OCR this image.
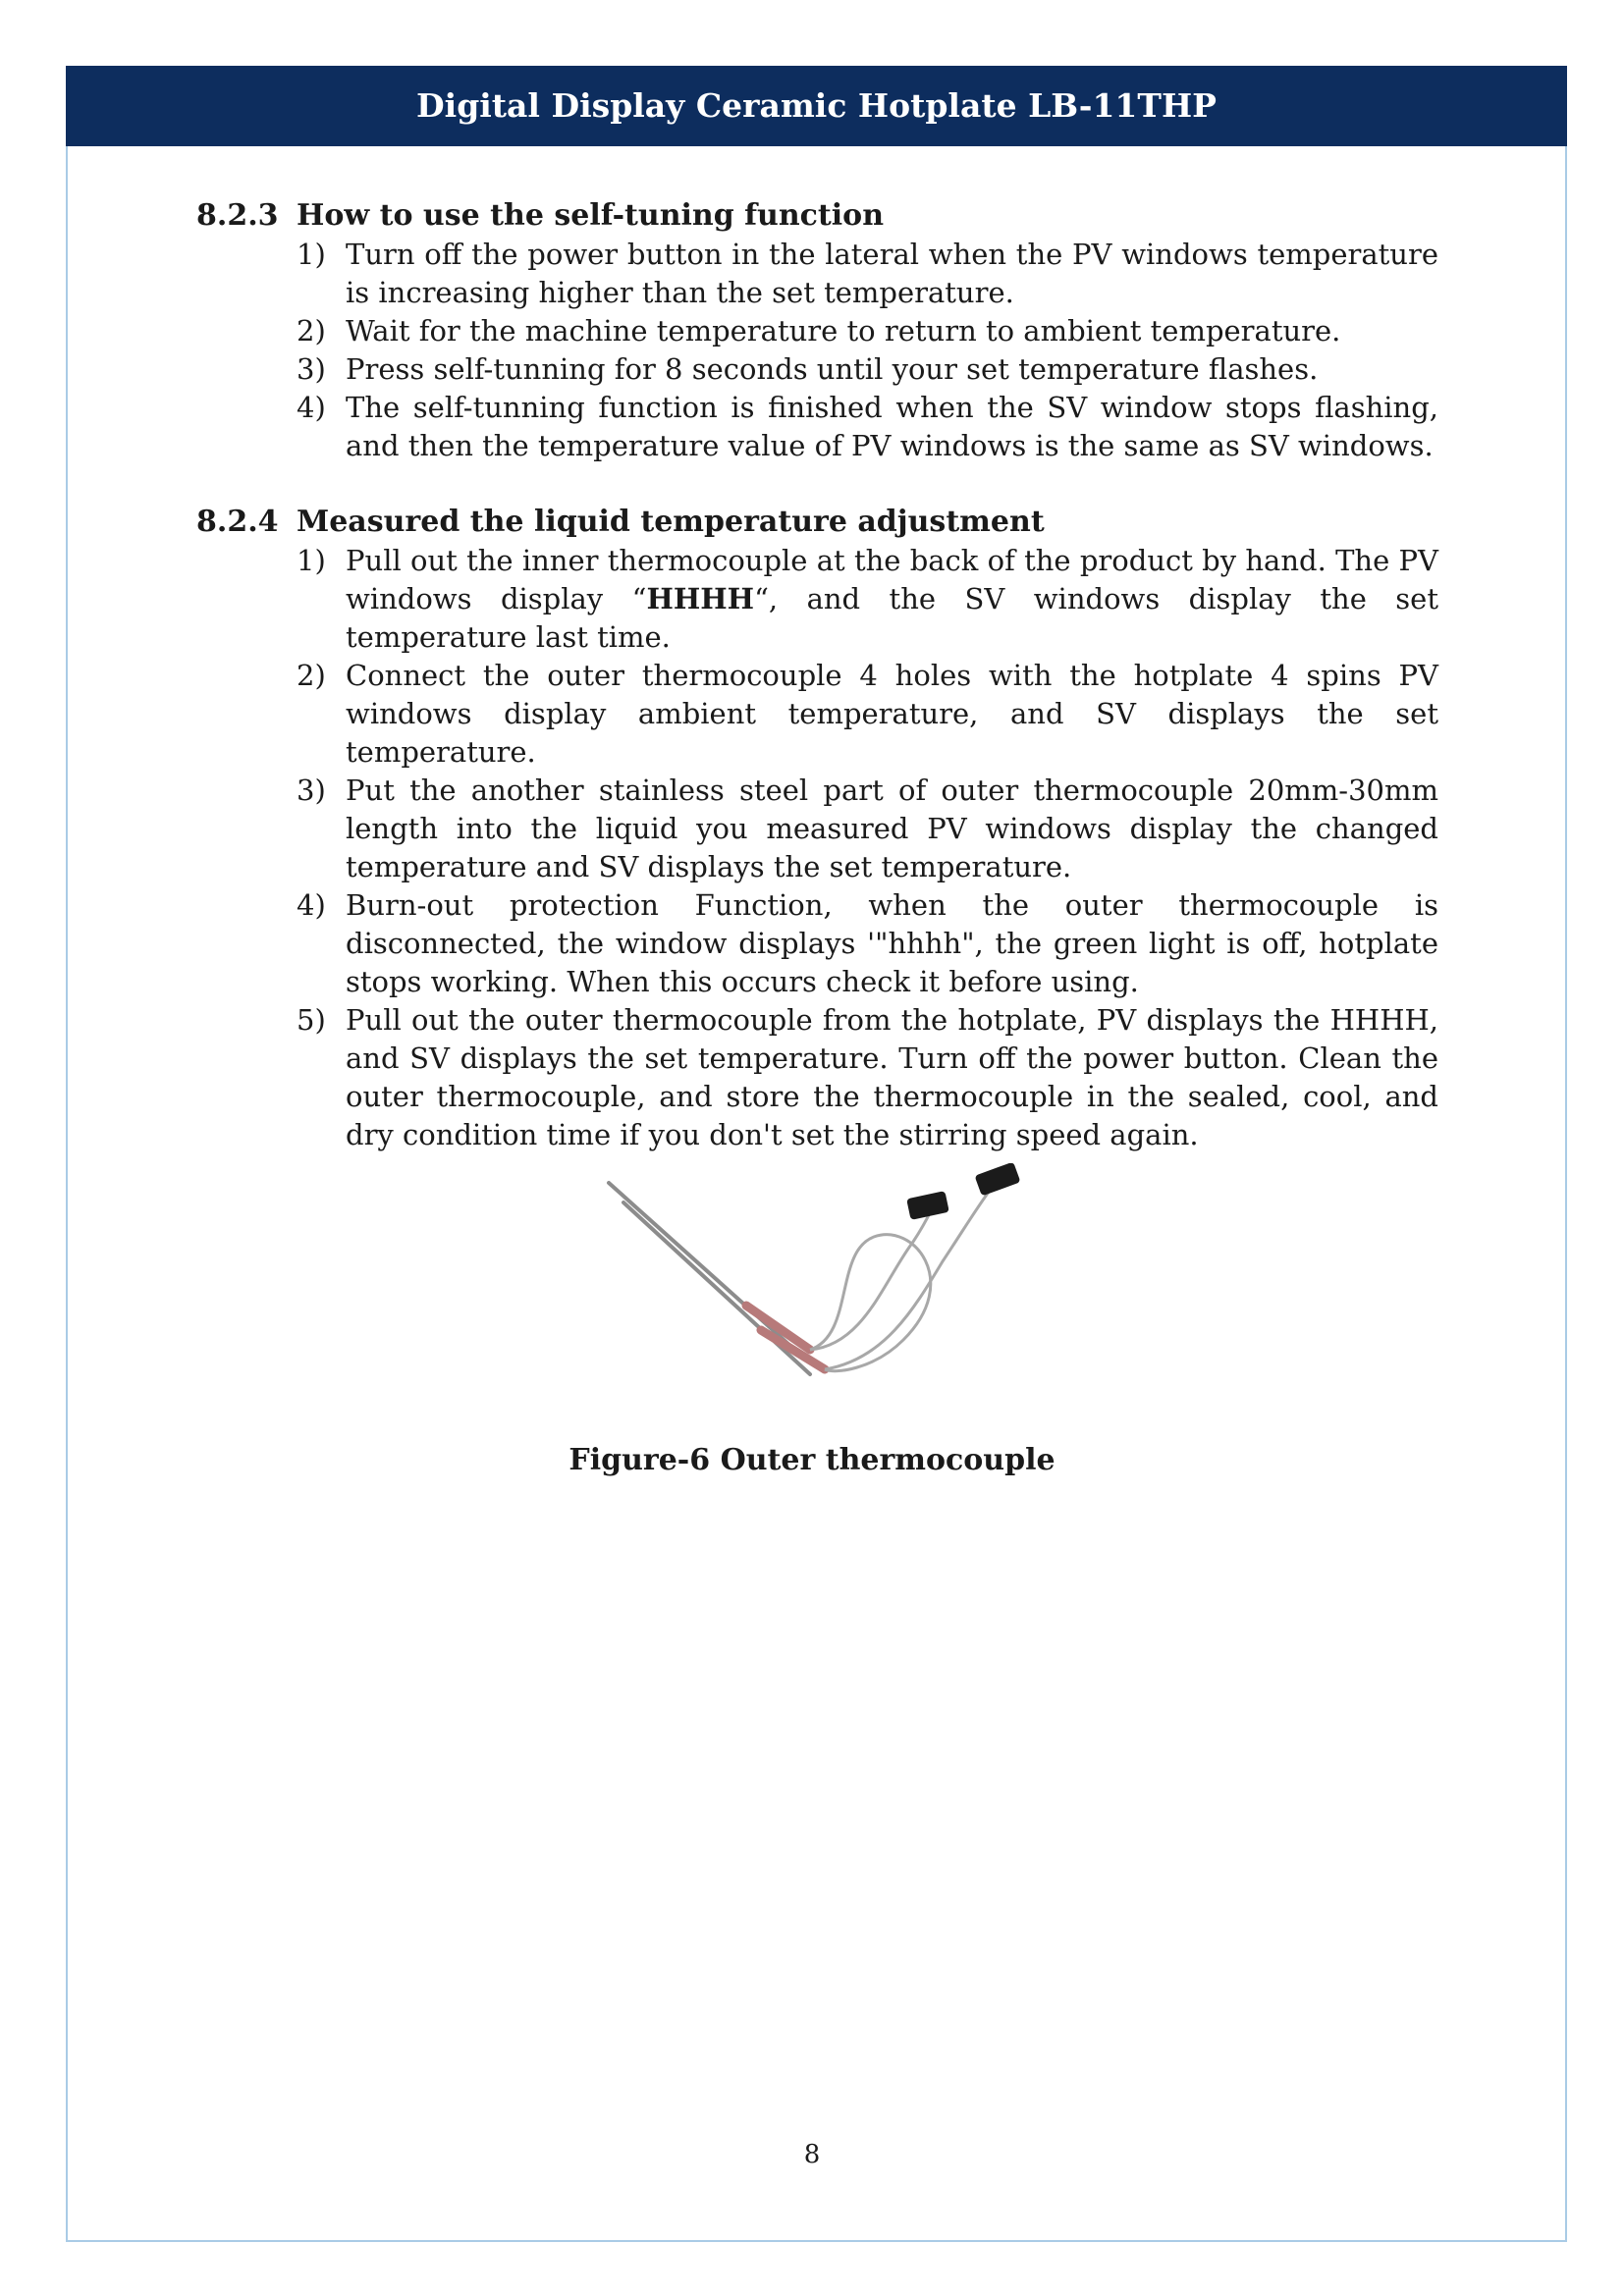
Digital Display Ceramic Hotplate LB-11THP
8.2.3 How to use the self-tuning function
1) Turn off the power button in the lateral when the PV windows temperature is increasing higher than the set temperature.
2) Wait for the machine temperature to return to ambient temperature.
3) Press self-tunning for 8 seconds until your set temperature flashes.
4) The self-tunning function is finished when the SV window stops flashing, and then the temperature value of PV windows is the same as SV windows.
8.2.4 Measured the liquid temperature adjustment
1) Pull out the inner thermocouple at the back of the product by hand. The PV windows display “HHHH“, and the SV windows display the set temperature last time.
2) Connect the outer thermocouple 4 holes with the hotplate 4 spins PV windows display ambient temperature, and SV displays the set temperature.
3) Put the another stainless steel part of outer thermocouple 20mm-30mm length into the liquid you measured PV windows display the changed temperature and SV displays the set temperature.
4) Burn-out protection Function, when the outer thermocouple is disconnected, the window displays '"hhhh", the green light is off, hotplate stops working. When this occurs check it before using.
5) Pull out the outer thermocouple from the hotplate, PV displays the HHHH, and SV displays the set temperature. Turn off the power button. Clean the outer thermocouple, and store the thermocouple in the sealed, cool, and dry condition time if you don't set the stirring speed again.
Figure-6 Outer thermocouple
8
